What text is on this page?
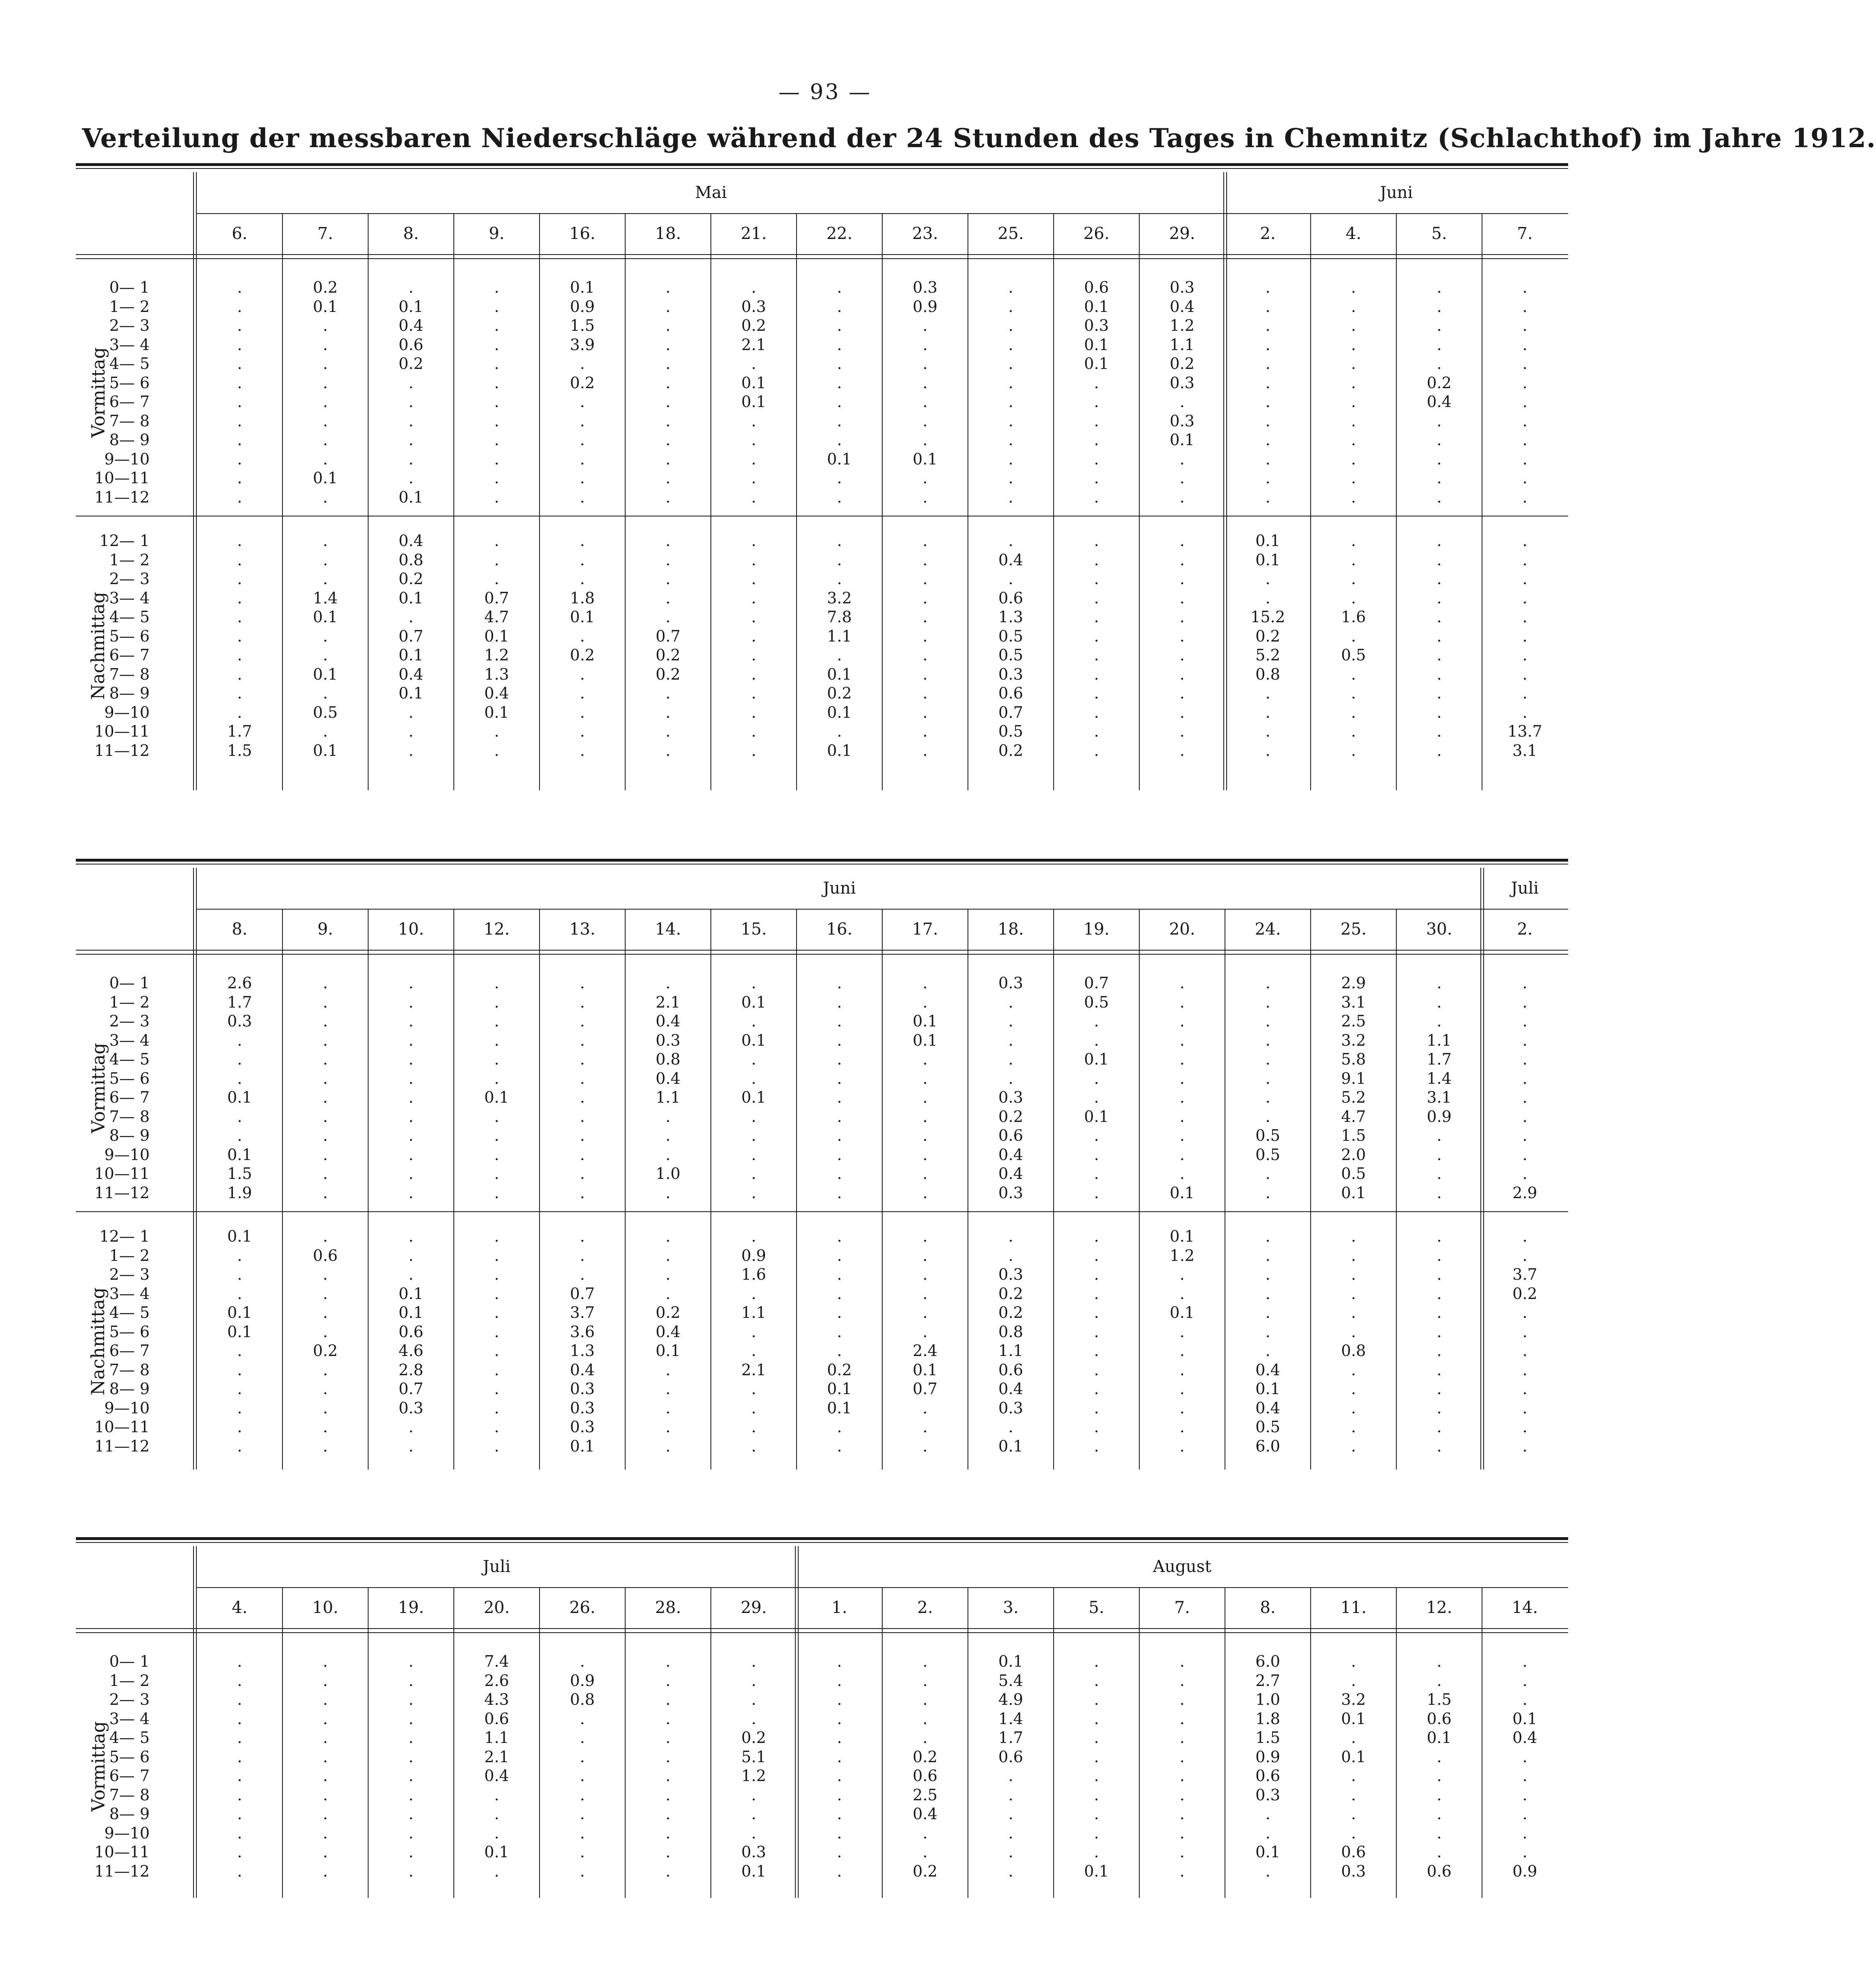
— 93 —
Verteilung der messbaren Niederschläge während der 24 Stunden des Tages in Chemnitz (Schlachthof) im Jahre 1912.
Mai	Juni
6.	7.	8.	9.	16.	18.	21.	22.	23.	25.	26.	29.	2.	4.	5.	7.
0— 1	.	0.2	.	.	0.1	.	.	.	0.3	.	0.6	0.3	.	.	.	.
1— 2	.	0.1	0.1	.	0.9	.	0.3	.	0.9	.	0.1	0.4	.	.	.	.
2— 3	.	.	0.4	.	1.5	.	0.2	.	.	.	0.3	1.2	.	.	.	.
3— 4	.	.	0.6	.	3.9	.	2.1	.	.	.	0.1	1.1	.	.	.	.
4— 5	.	.	0.2	.	.	.	.	.	.	.	0.1	0.2	.	.	.	.
5— 6	.	.	.	.	0.2	.	0.1	.	.	.	.	0.3	.	.	0.2	.
6— 7	.	.	.	.	.	.	0.1	.	.	.	.	.	.	.	0.4	.
7— 8	.	.	.	.	.	.	.	.	.	.	.	0.3	.	.	.	.
8— 9	.	.	.	.	.	.	.	.	.	.	.	0.1	.	.	.	.
9—10	.	.	.	.	.	.	.	0.1	0.1	.	.	.	.	.	.	.
10—11	.	0.1	.	.	.	.	.	.	.	.	.	.	.	.	.	.
11—12	.	.	0.1	.	.	.	.	.	.	.	.	.	.	.	.	.
Vormittag
12— 1	.	.	0.4	.	.	.	.	.	.	.	.	.	0.1	.	.	.
1— 2	.	.	0.8	.	.	.	.	.	.	0.4	.	.	0.1	.	.	.
2— 3	.	.	0.2	.	.	.	.	.	.	.	.	.	.	.	.	.
3— 4	.	1.4	0.1	0.7	1.8	.	.	3.2	.	0.6	.	.	.	.	.	.
4— 5	.	0.1	.	4.7	0.1	.	.	7.8	.	1.3	.	.	15.2	1.6	.	.
5— 6	.	.	0.7	0.1	.	0.7	.	1.1	.	0.5	.	.	0.2	.	.	.
6— 7	.	.	0.1	1.2	0.2	0.2	.	.	.	0.5	.	.	5.2	0.5	.	.
7— 8	.	0.1	0.4	1.3	.	0.2	.	0.1	.	0.3	.	.	0.8	.	.	.
8— 9	.	.	0.1	0.4	.	.	.	0.2	.	0.6	.	.	.	.	.	.
9—10	.	0.5	.	0.1	.	.	.	0.1	.	0.7	.	.	.	.	.	.
10—11	1.7	.	.	.	.	.	.	.	.	0.5	.	.	.	.	.	13.7
11—12	1.5	0.1	.	.	.	.	.	0.1	.	0.2	.	.	.	.	.	3.1
Nachmittag
Juni	Juli
8.	9.	10.	12.	13.	14.	15.	16.	17.	18.	19.	20.	24.	25.	30.	2.
0— 1	2.6	.	.	.	.	.	.	.	.	0.3	0.7	.	.	2.9	.	.
1— 2	1.7	.	.	.	.	2.1	0.1	.	.	.	0.5	.	.	3.1	.	.
2— 3	0.3	.	.	.	.	0.4	.	.	0.1	.	.	.	.	2.5	.	.
3— 4	.	.	.	.	.	0.3	0.1	.	0.1	.	.	.	.	3.2	1.1	.
4— 5	.	.	.	.	.	0.8	.	.	.	.	0.1	.	.	5.8	1.7	.
5— 6	.	.	.	.	.	0.4	.	.	.	.	.	.	.	9.1	1.4	.
6— 7	0.1	.	.	0.1	.	1.1	0.1	.	.	0.3	.	.	.	5.2	3.1	.
7— 8	.	.	.	.	.	.	.	.	.	0.2	0.1	.	.	4.7	0.9	.
8— 9	.	.	.	.	.	.	.	.	.	0.6	.	.	0.5	1.5	.	.
9—10	0.1	.	.	.	.	.	.	.	.	0.4	.	.	0.5	2.0	.	.
10—11	1.5	.	.	.	.	1.0	.	.	.	0.4	.	.	.	0.5	.	.
11—12	1.9	.	.	.	.	.	.	.	.	0.3	.	0.1	.	0.1	.	2.9
Vormittag
12— 1	0.1	.	.	.	.	.	.	.	.	.	.	0.1	.	.	.	.
1— 2	.	0.6	.	.	.	.	0.9	.	.	.	.	1.2	.	.	.	.
2— 3	.	.	.	.	.	.	1.6	.	.	0.3	.	.	.	.	.	3.7
3— 4	.	.	0.1	.	0.7	.	.	.	.	0.2	.	.	.	.	.	0.2
4— 5	0.1	.	0.1	.	3.7	0.2	1.1	.	.	0.2	.	0.1	.	.	.	.
5— 6	0.1	.	0.6	.	3.6	0.4	.	.	.	0.8	.	.	.	.	.	.
6— 7	.	0.2	4.6	.	1.3	0.1	.	.	2.4	1.1	.	.	.	0.8	.	.
7— 8	.	.	2.8	.	0.4	.	2.1	0.2	0.1	0.6	.	.	0.4	.	.	.
8— 9	.	.	0.7	.	0.3	.	.	0.1	0.7	0.4	.	.	0.1	.	.	.
9—10	.	.	0.3	.	0.3	.	.	0.1	.	0.3	.	.	0.4	.	.	.
10—11	.	.	.	.	0.3	.	.	.	.	.	.	.	0.5	.	.	.
11—12	.	.	.	.	0.1	.	.	.	.	0.1	.	.	6.0	.	.	.
Nachmittag
Juli	August
4.	10.	19.	20.	26.	28.	29.	1.	2.	3.	5.	7.	8.	11.	12.	14.
0— 1	.	.	.	7.4	.	.	.	.	.	0.1	.	.	6.0	.	.	.
1— 2	.	.	.	2.6	0.9	.	.	.	.	5.4	.	.	2.7	.	.	.
2— 3	.	.	.	4.3	0.8	.	.	.	.	4.9	.	.	1.0	3.2	1.5	.
3— 4	.	.	.	0.6	.	.	.	.	.	1.4	.	.	1.8	0.1	0.6	0.1
4— 5	.	.	.	1.1	.	.	0.2	.	.	1.7	.	.	1.5	.	0.1	0.4
5— 6	.	.	.	2.1	.	.	5.1	.	0.2	0.6	.	.	0.9	0.1	.	.
6— 7	.	.	.	0.4	.	.	1.2	.	0.6	.	.	.	0.6	.	.	.
7— 8	.	.	.	.	.	.	.	.	2.5	.	.	.	0.3	.	.	.
8— 9	.	.	.	.	.	.	.	.	0.4	.	.	.	.	.	.	.
9—10	.	.	.	.	.	.	.	.	.	.	.	.	.	.	.	.
10—11	.	.	.	0.1	.	.	0.3	.	.	.	.	.	0.1	0.6	.	.
11—12	.	.	.	.	.	.	0.1	.	0.2	.	0.1	.	.	0.3	0.6	0.9
Vormittag
